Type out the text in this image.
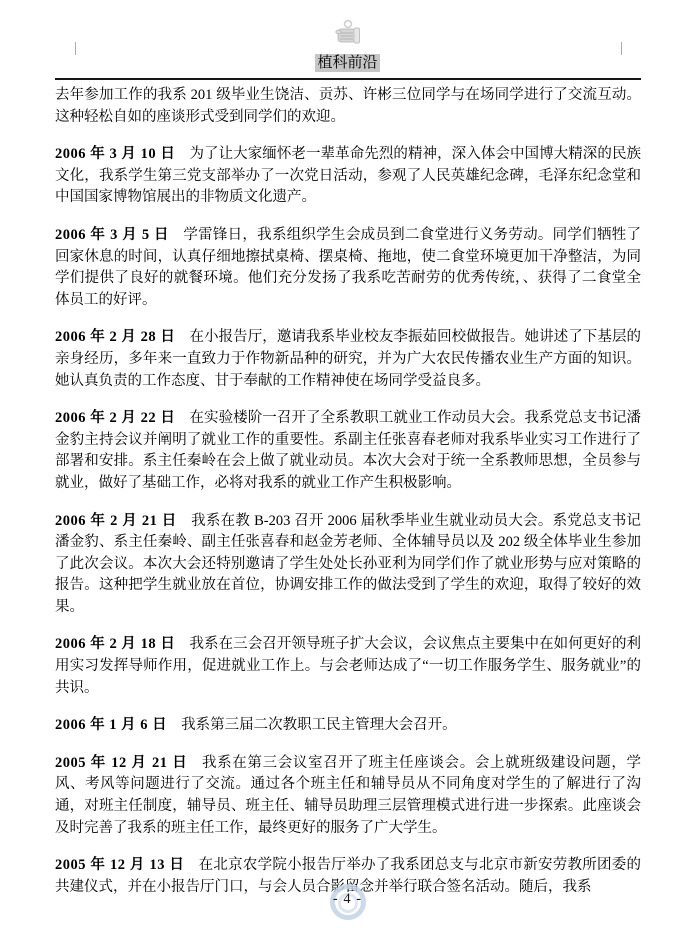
植科前沿

去年参加工作的我系 201 级毕业生饶洁、贡苏、许彬三位同学与在场同学进行了交流互动。这种轻松自如的座谈形式受到同学们的欢迎。

2006 年 3 月 10 日 为了让大家缅怀老一辈革命先烈的精神，深入体会中国博大精深的民族文化，我系学生第三党支部举办了一次党日活动，参观了人民英雄纪念碑，毛泽东纪念堂和中国国家博物馆展出的非物质文化遗产。

2006 年 3 月 5 日 学雷锋日，我系组织学生会成员到二食堂进行义务劳动。同学们牺牲了回家休息的时间，认真仔细地擦拭桌椅、摆桌椅、拖地，使二食堂环境更加干净整洁，为同学们提供了良好的就餐环境。他们充分发扬了我系吃苦耐劳的优秀传统，、获得了二食堂全体员工的好评。

2006 年 2 月 28 日 在小报告厅，邀请我系毕业校友李振茹回校做报告。她讲述了下基层的亲身经历，多年来一直致力于作物新品种的研究，并为广大农民传播农业生产方面的知识。她认真负责的工作态度、甘于奉献的工作精神使在场同学受益良多。

2006 年 2 月 22 日 在实验楼阶一召开了全系教职工就业工作动员大会。我系党总支书记潘金豹主持会议并阐明了就业工作的重要性。系副主任张喜春老师对我系毕业实习工作进行了部署和安排。系主任秦岭在会上做了就业动员。本次大会对于统一全系教师思想，全员参与就业，做好了基础工作，必将对我系的就业工作产生积极影响。

2006 年 2 月 21 日 我系在教 B-203 召开 2006 届秋季毕业生就业动员大会。系党总支书记潘金豹、系主任秦岭、副主任张喜春和赵金芳老师、全体辅导员以及 202 级全体毕业生参加了此次会议。本次大会还特别邀请了学生处处长孙亚利为同学们作了就业形势与应对策略的报告。这种把学生就业放在首位，协调安排工作的做法受到了学生的欢迎，取得了较好的效果。

2006 年 2 月 18 日 我系在三会召开领导班子扩大会议，会议焦点主要集中在如何更好的利用实习发挥导师作用，促进就业工作上。与会老师达成了“一切工作服务学生、服务就业”的共识。

2006 年 1 月 6 日 我系第三届二次教职工民主管理大会召开。

2005 年 12 月 21 日 我系在第三会议室召开了班主任座谈会。会上就班级建设问题，学风、考风等问题进行了交流。通过各个班主任和辅导员从不同角度对学生的了解进行了沟通，对班主任制度，辅导员、班主任、辅导员助理三层管理模式进行进一步探索。此座谈会及时完善了我系的班主任工作，最终更好的服务了广大学生。

2005 年 12 月 13 日 在北京农学院小报告厅举办了我系团总支与北京市新安劳教所团委的共建仪式，并在小报告厅门口，与会人员合影留念并举行联合签名活动。随后，我系

- 4 -
